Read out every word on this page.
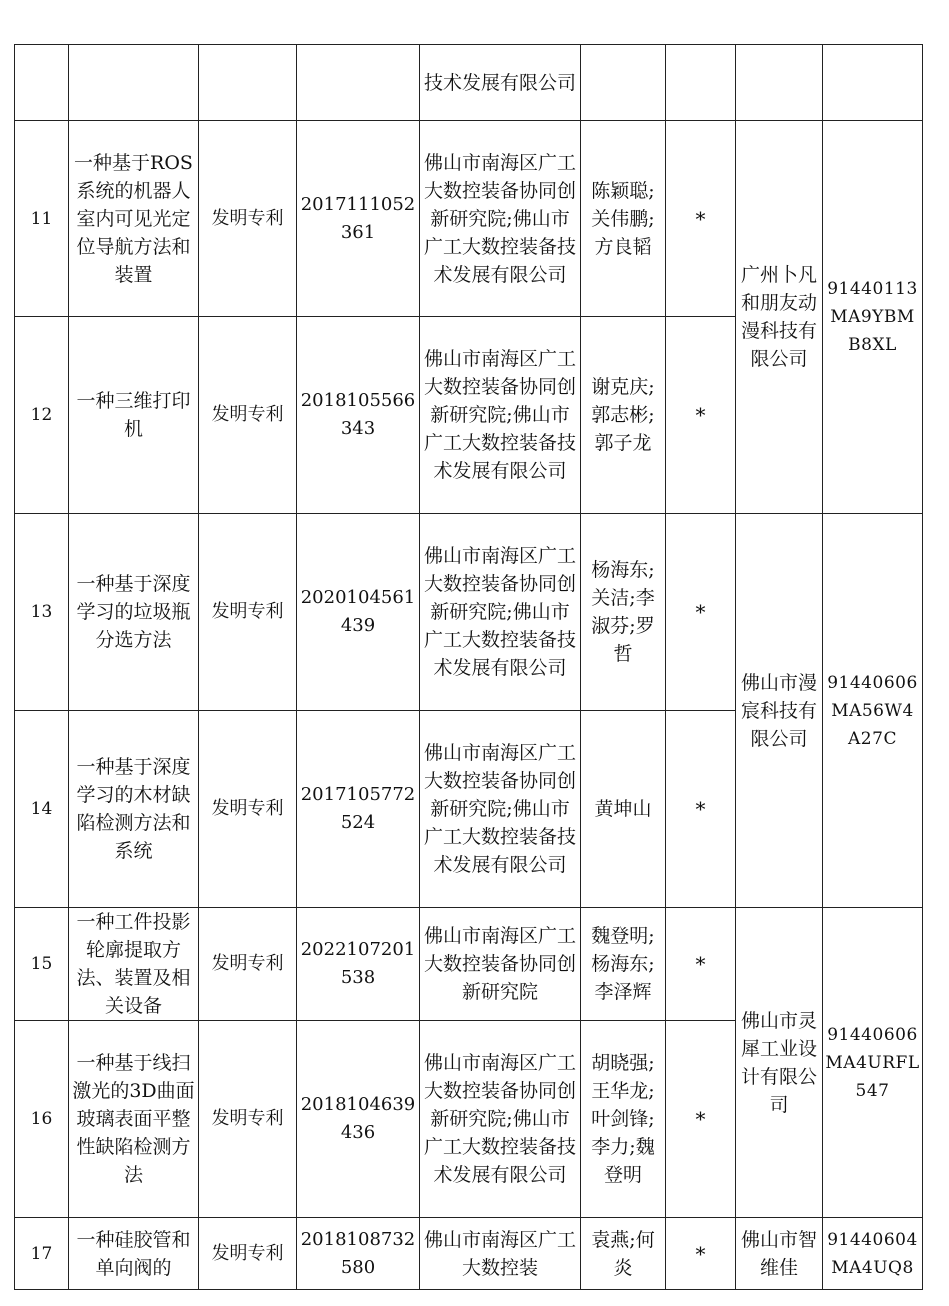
				技术发展有限公司				
11	一种基于ROS系统的机器人室内可见光定位导航方法和装置	发明专利	2017111052361	佛山市南海区广工大数控装备协同创新研究院;佛山市广工大数控装备技术发展有限公司	陈颖聪;关伟鹏;方良韬	*	广州卜凡和朋友动漫科技有限公司	91440113MA9YBMB8XL
12	一种三维打印机	发明专利	2018105566343	佛山市南海区广工大数控装备协同创新研究院;佛山市广工大数控装备技术发展有限公司	谢克庆;郭志彬;郭子龙	*		
13	一种基于深度学习的垃圾瓶分选方法	发明专利	2020104561439	佛山市南海区广工大数控装备协同创新研究院;佛山市广工大数控装备技术发展有限公司	杨海东;关洁;李淑芬;罗哲	*	佛山市漫宸科技有限公司	91440606MA56W4A27C
14	一种基于深度学习的木材缺陷检测方法和系统	发明专利	2017105772524	佛山市南海区广工大数控装备协同创新研究院;佛山市广工大数控装备技术发展有限公司	黄坤山	*		
15	一种工件投影轮廓提取方法、装置及相关设备	发明专利	2022107201538	佛山市南海区广工大数控装备协同创新研究院	魏登明;杨海东;李泽辉	*	佛山市灵犀工业设计有限公司	91440606MA4URFL547
16	一种基于线扫激光的3D曲面玻璃表面平整性缺陷检测方法	发明专利	2018104639436	佛山市南海区广工大数控装备协同创新研究院;佛山市广工大数控装备技术发展有限公司	胡晓强;王华龙;叶剑锋;李力;魏登明	*		
17	一种硅胶管和单向阀的	发明专利	2018108732580	佛山市南海区广工大数控装	袁燕;何炎	*	佛山市智维佳	91440604MA4UQ8
